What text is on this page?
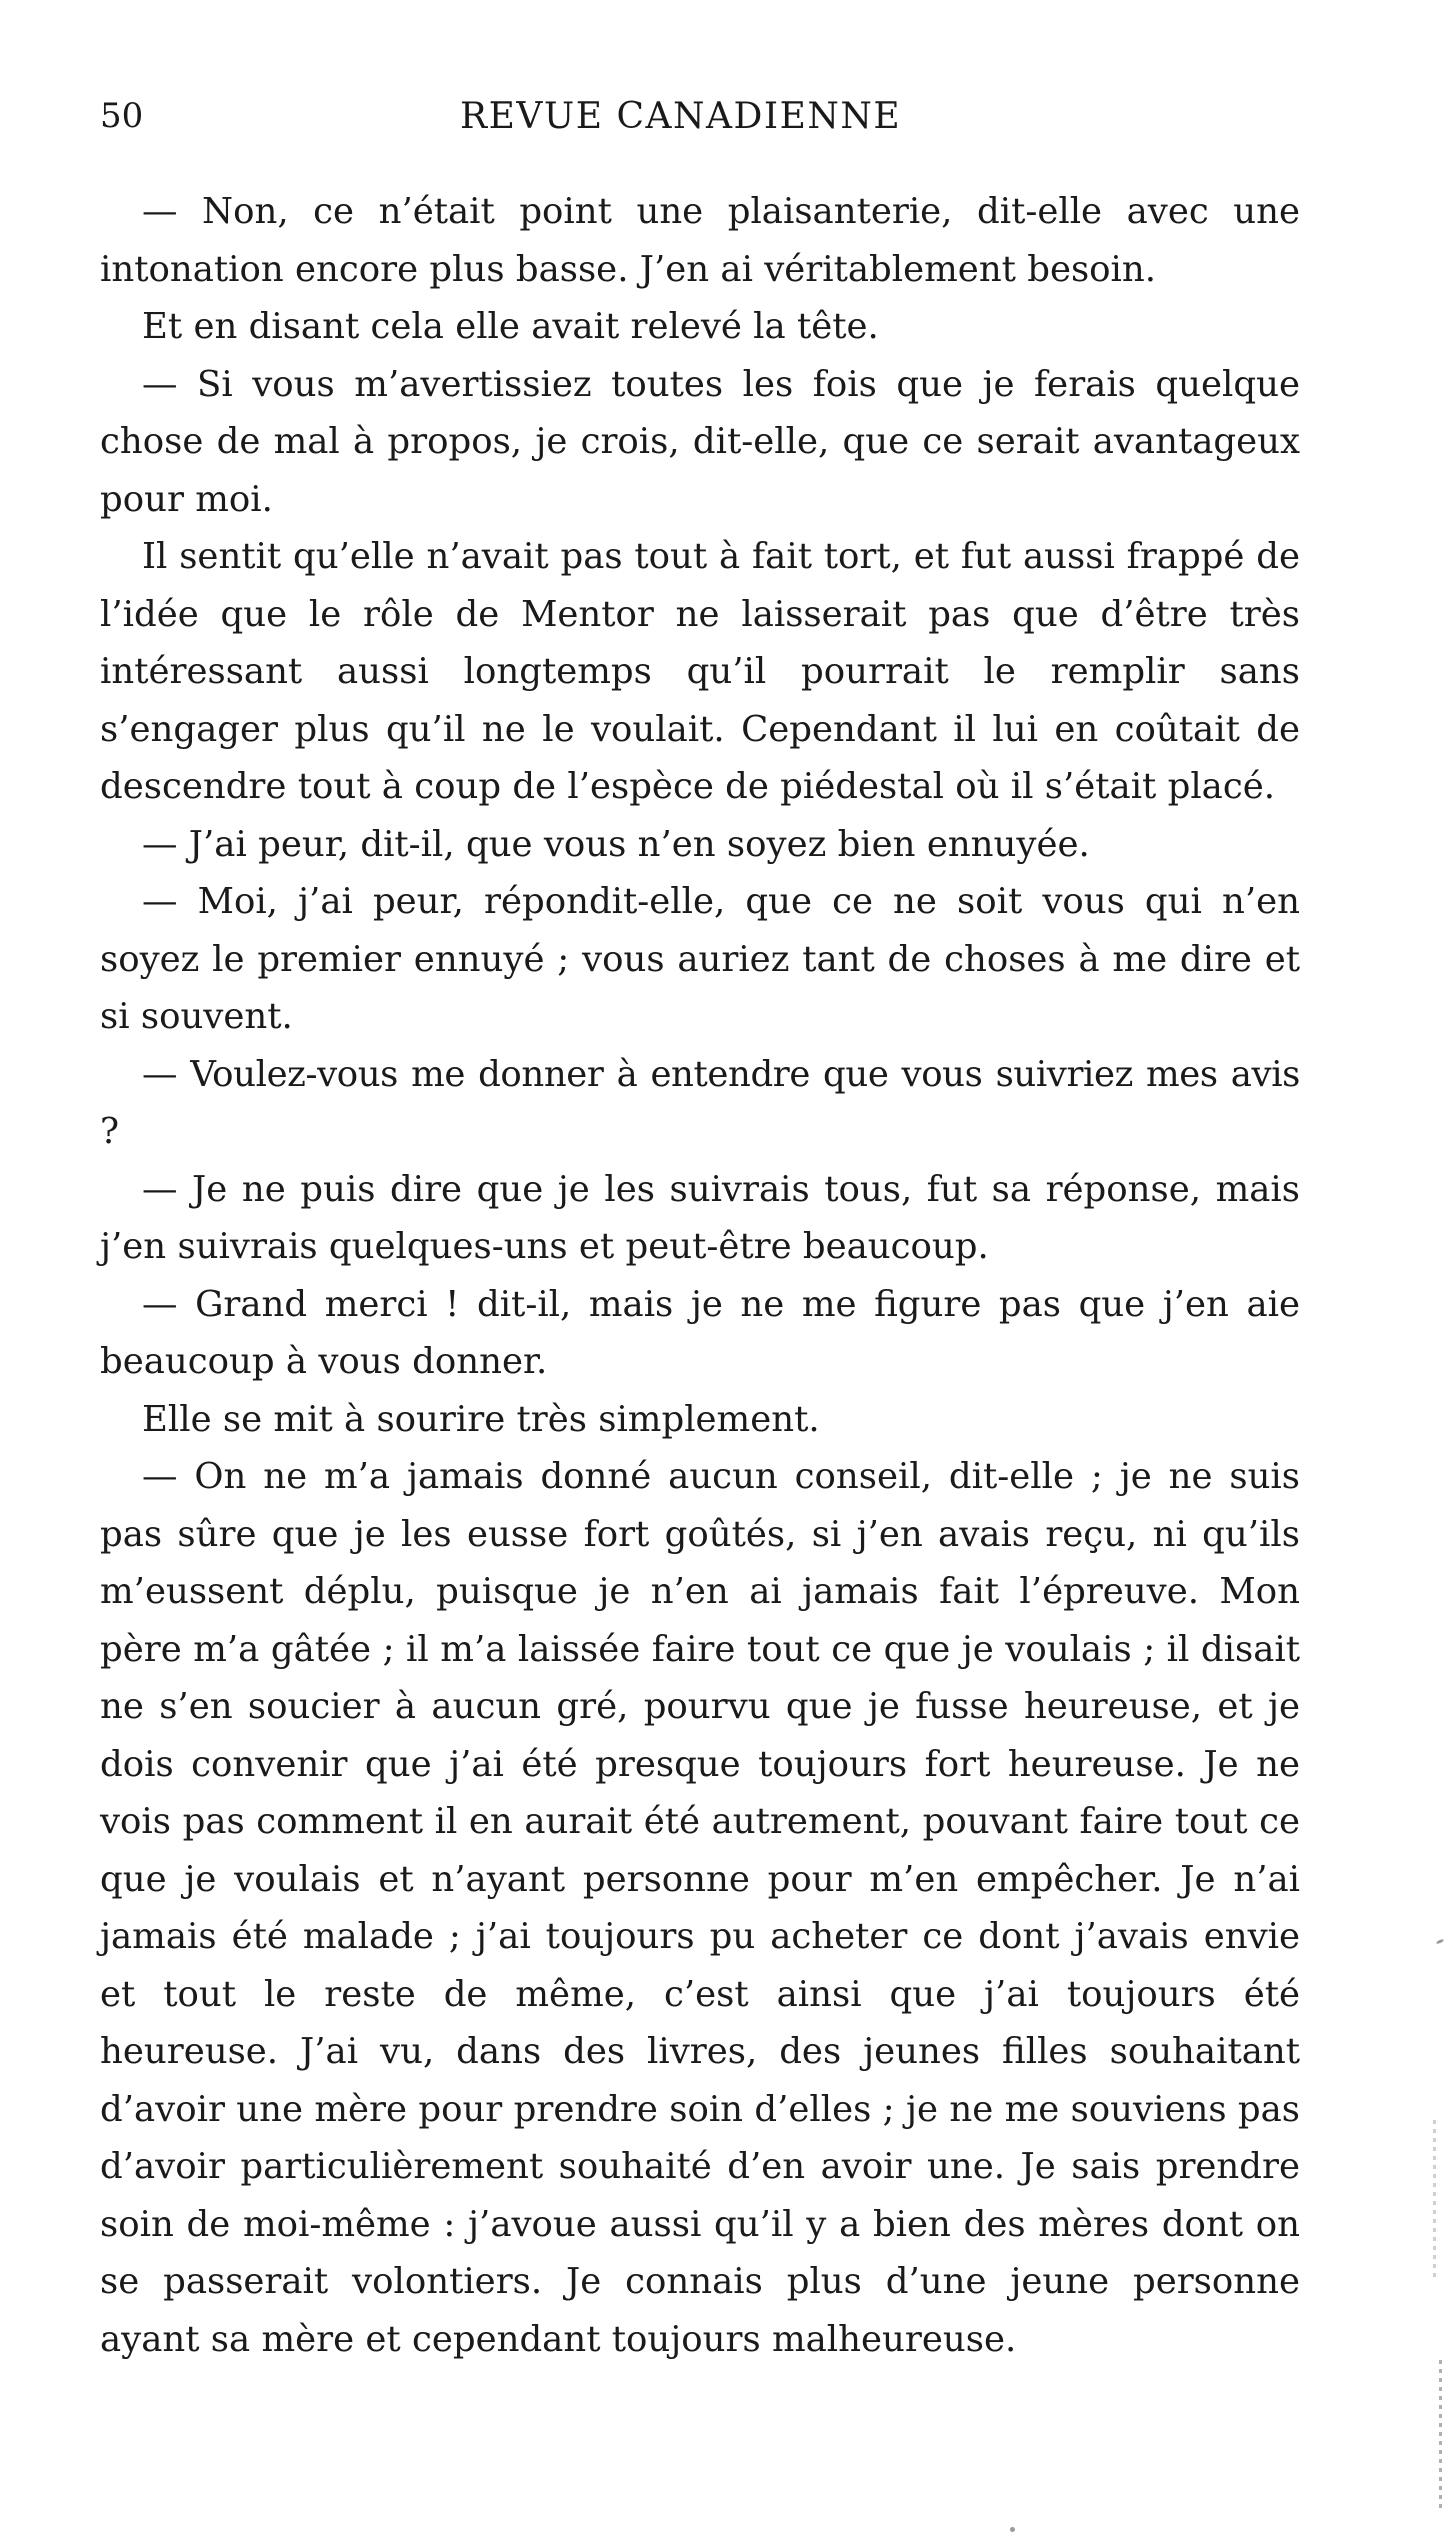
50	REVUE CANADIENNE

— Non, ce n’était point une plaisanterie, dit-elle avec une intonation encore plus basse. J’en ai véritablement besoin.

Et en disant cela elle avait relevé la tête.

— Si vous m’avertissiez toutes les fois que je ferais quelque chose de mal à propos, je crois, dit-elle, que ce serait avantageux pour moi.

Il sentit qu’elle n’avait pas tout à fait tort, et fut aussi frappé de l’idée que le rôle de Mentor ne laisserait pas que d’être très intéressant aussi longtemps qu’il pourrait le remplir sans s’engager plus qu’il ne le voulait. Cependant il lui en coûtait de descendre tout à coup de l’espèce de piédestal où il s’était placé.

— J’ai peur, dit-il, que vous n’en soyez bien ennuyée.

— Moi, j’ai peur, répondit-elle, que ce ne soit vous qui n’en soyez le premier ennuyé ; vous auriez tant de choses à me dire et si souvent.

— Voulez-vous me donner à entendre que vous suivriez mes avis ?

— Je ne puis dire que je les suivrais tous, fut sa réponse, mais j’en suivrais quelques-uns et peut-être beaucoup.

— Grand merci ! dit-il, mais je ne me figure pas que j’en aie beaucoup à vous donner.

Elle se mit à sourire très simplement.

— On ne m’a jamais donné aucun conseil, dit-elle ; je ne suis pas sûre que je les eusse fort goûtés, si j’en avais reçu, ni qu’ils m’eussent déplu, puisque je n’en ai jamais fait l’épreuve. Mon père m’a gâtée ; il m’a laissée faire tout ce que je voulais ; il disait ne s’en soucier à aucun gré, pourvu que je fusse heureuse, et je dois convenir que j’ai été presque toujours fort heureuse. Je ne vois pas comment il en aurait été autrement, pouvant faire tout ce que je voulais et n’ayant personne pour m’en empêcher. Je n’ai jamais été malade ; j’ai toujours pu acheter ce dont j’avais envie et tout le reste de même, c’est ainsi que j’ai toujours été heureuse. J’ai vu, dans des livres, des jeunes filles souhaitant d’avoir une mère pour prendre soin d’elles ; je ne me souviens pas d’avoir particulièrement souhaité d’en avoir une. Je sais prendre soin de moi-même : j’avoue aussi qu’il y a bien des mères dont on se passerait volontiers. Je connais plus d’une jeune personne ayant sa mère et cependant toujours malheureuse.
